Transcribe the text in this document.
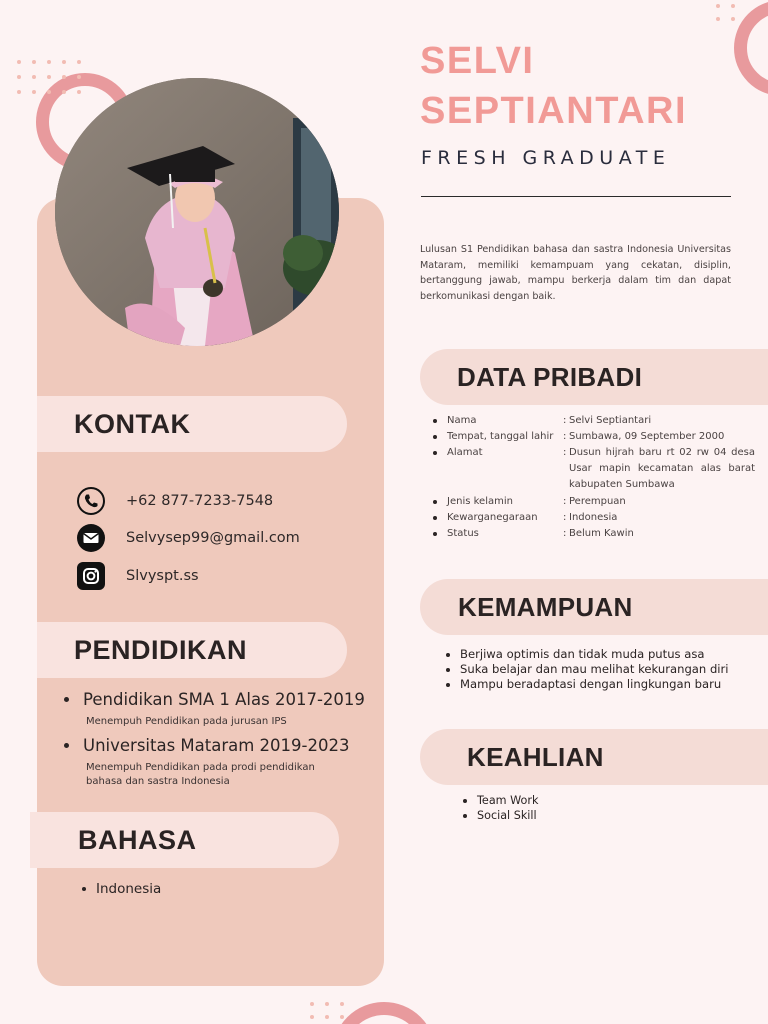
KONTAK
+62 877-7233-7548
Selvysep99@gmail.com
Slvyspt.ss
PENDIDIKAN
Pendidikan SMA 1 Alas 2017-2019
Menempuh Pendidikan pada jurusan IPS
Universitas Mataram 2019-2023
Menempuh Pendidikan pada prodi pendidikan bahasa dan sastra Indonesia
BAHASA
Indonesia
SELVI
SEPTIANTARI
FRESH GRADUATE
Lulusan S1 Pendidikan bahasa dan sastra Indonesia Universitas Mataram, memiliki kemampuam yang cekatan, disiplin, bertanggung jawab, mampu berkerja dalam tim dan dapat berkomunikasi dengan baik.
DATA PRIBADI
Nama	: Selvi Septiantari
Tempat, tanggal lahir : Sumbawa, 09 September 2000
Alamat	: Dusun hijrah baru rt 02 rw 04 desa Usar mapin kecamatan alas barat kabupaten Sumbawa
Jenis kelamin	: Perempuan
Kewarganegaraan	: Indonesia
Status	: Belum Kawin
KEMAMPUAN
Berjiwa optimis dan tidak muda putus asa
Suka belajar dan mau melihat kekurangan diri
Mampu beradaptasi dengan lingkungan baru
KEAHLIAN
Team Work
Social Skill
